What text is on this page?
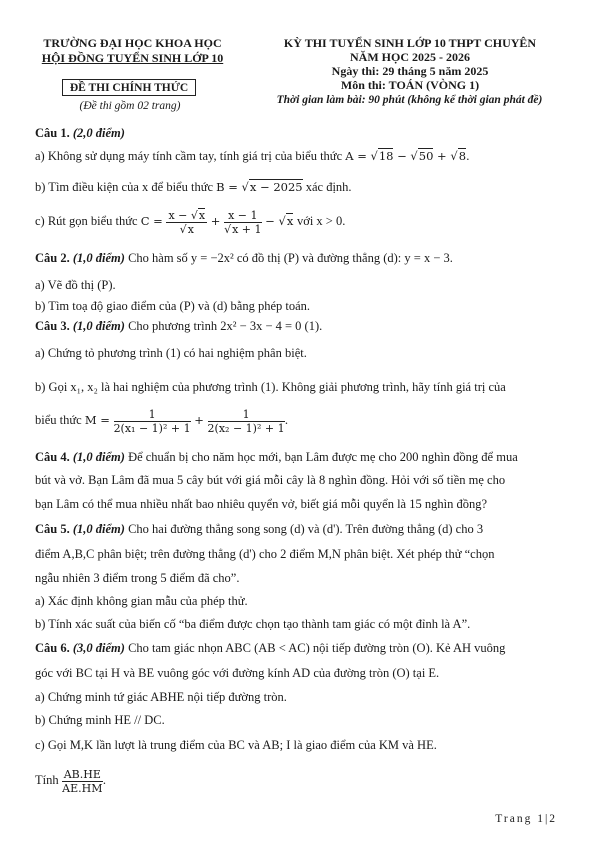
TRƯỜNG ĐẠI HỌC KHOA HỌC
HỘI ĐỒNG TUYỂN SINH LỚP 10
ĐỀ THI CHÍNH THỨC
(Đề thi gồm 02 trang)
KỲ THI TUYỂN SINH LỚP 10 THPT CHUYÊN
NĂM HỌC 2025 - 2026
Ngày thi: 29 tháng 5 năm 2025
Môn thi: TOÁN (VÒNG 1)
Thời gian làm bài: 90 phút (không kể thời gian phát đề)
Câu 1. (2,0 điểm)
a) Không sử dụng máy tính cầm tay, tính giá trị của biểu thức A = √18 − √50 + √8.
b) Tìm điều kiện của x để biểu thức B = √x − 2025 xác định.
c) Rút gọn biểu thức $C = \frac{x - √x}{√x} + \frac{x - 1}{√x + 1} - √x$ với x > 0.
Câu 2. (1,0 điểm) Cho hàm số y = −2x² có đồ thị (P) và đường thẳng (d): y = x − 3.
a) Vẽ đồ thị (P).
b) Tìm toạ độ giao điểm của (P) và (d) bằng phép toán.
Câu 3. (1,0 điểm) Cho phương trình 2x² − 3x − 4 = 0 (1).
a) Chứng tỏ phương trình (1) có hai nghiệm phân biệt.
b) Gọi x₁, x₂ là hai nghiệm của phương trình (1). Không giải phương trình, hãy tính giá trị của
biểu thức $M = \frac{1}{\text{2(x₁ − 1)² + 1}} + \frac{1}{\text{2(x₂ − 1)² + 1}}$ .
Câu 4. (1,0 điểm) Để chuẩn bị cho năm học mới, bạn Lâm được mẹ cho 200 nghìn đồng để mua
bút và vở. Bạn Lâm đã mua 5 cây bút với giá mỗi cây là 8 nghìn đồng. Hỏi với số tiền mẹ cho
bạn Lâm có thể mua nhiều nhất bao nhiêu quyển vở, biết giá mỗi quyển là 15 nghìn đồng?
Câu 5. (1,0 điểm) Cho hai đường thẳng song song (d) và (d'). Trên đường thẳng (d) cho 3
điểm A,B,C phân biệt; trên đường thẳng (d') cho 2 điểm M,N phân biệt. Xét phép thử “chọn
ngẫu nhiên 3 điểm trong 5 điểm đã cho”.
a) Xác định không gian mẫu của phép thử.
b) Tính xác suất của biến cố “ba điểm được chọn tạo thành tam giác có một đỉnh là A”.
Câu 6. (3,0 điểm) Cho tam giác nhọn ABC (AB < AC) nội tiếp đường tròn (O). Kẻ AH vuông
góc với BC tại H và BE vuông góc với đường kính AD của đường tròn (O) tại E.
a) Chứng minh tứ giác ABHE nội tiếp đường tròn.
b) Chứng minh HE // DC.
c) Gọi M,K lần lượt là trung điểm của BC và AB; I là giao điểm của KM và HE.
Tính $\frac{AB.HE}{AE.HM}$ .
Trang 1|2
